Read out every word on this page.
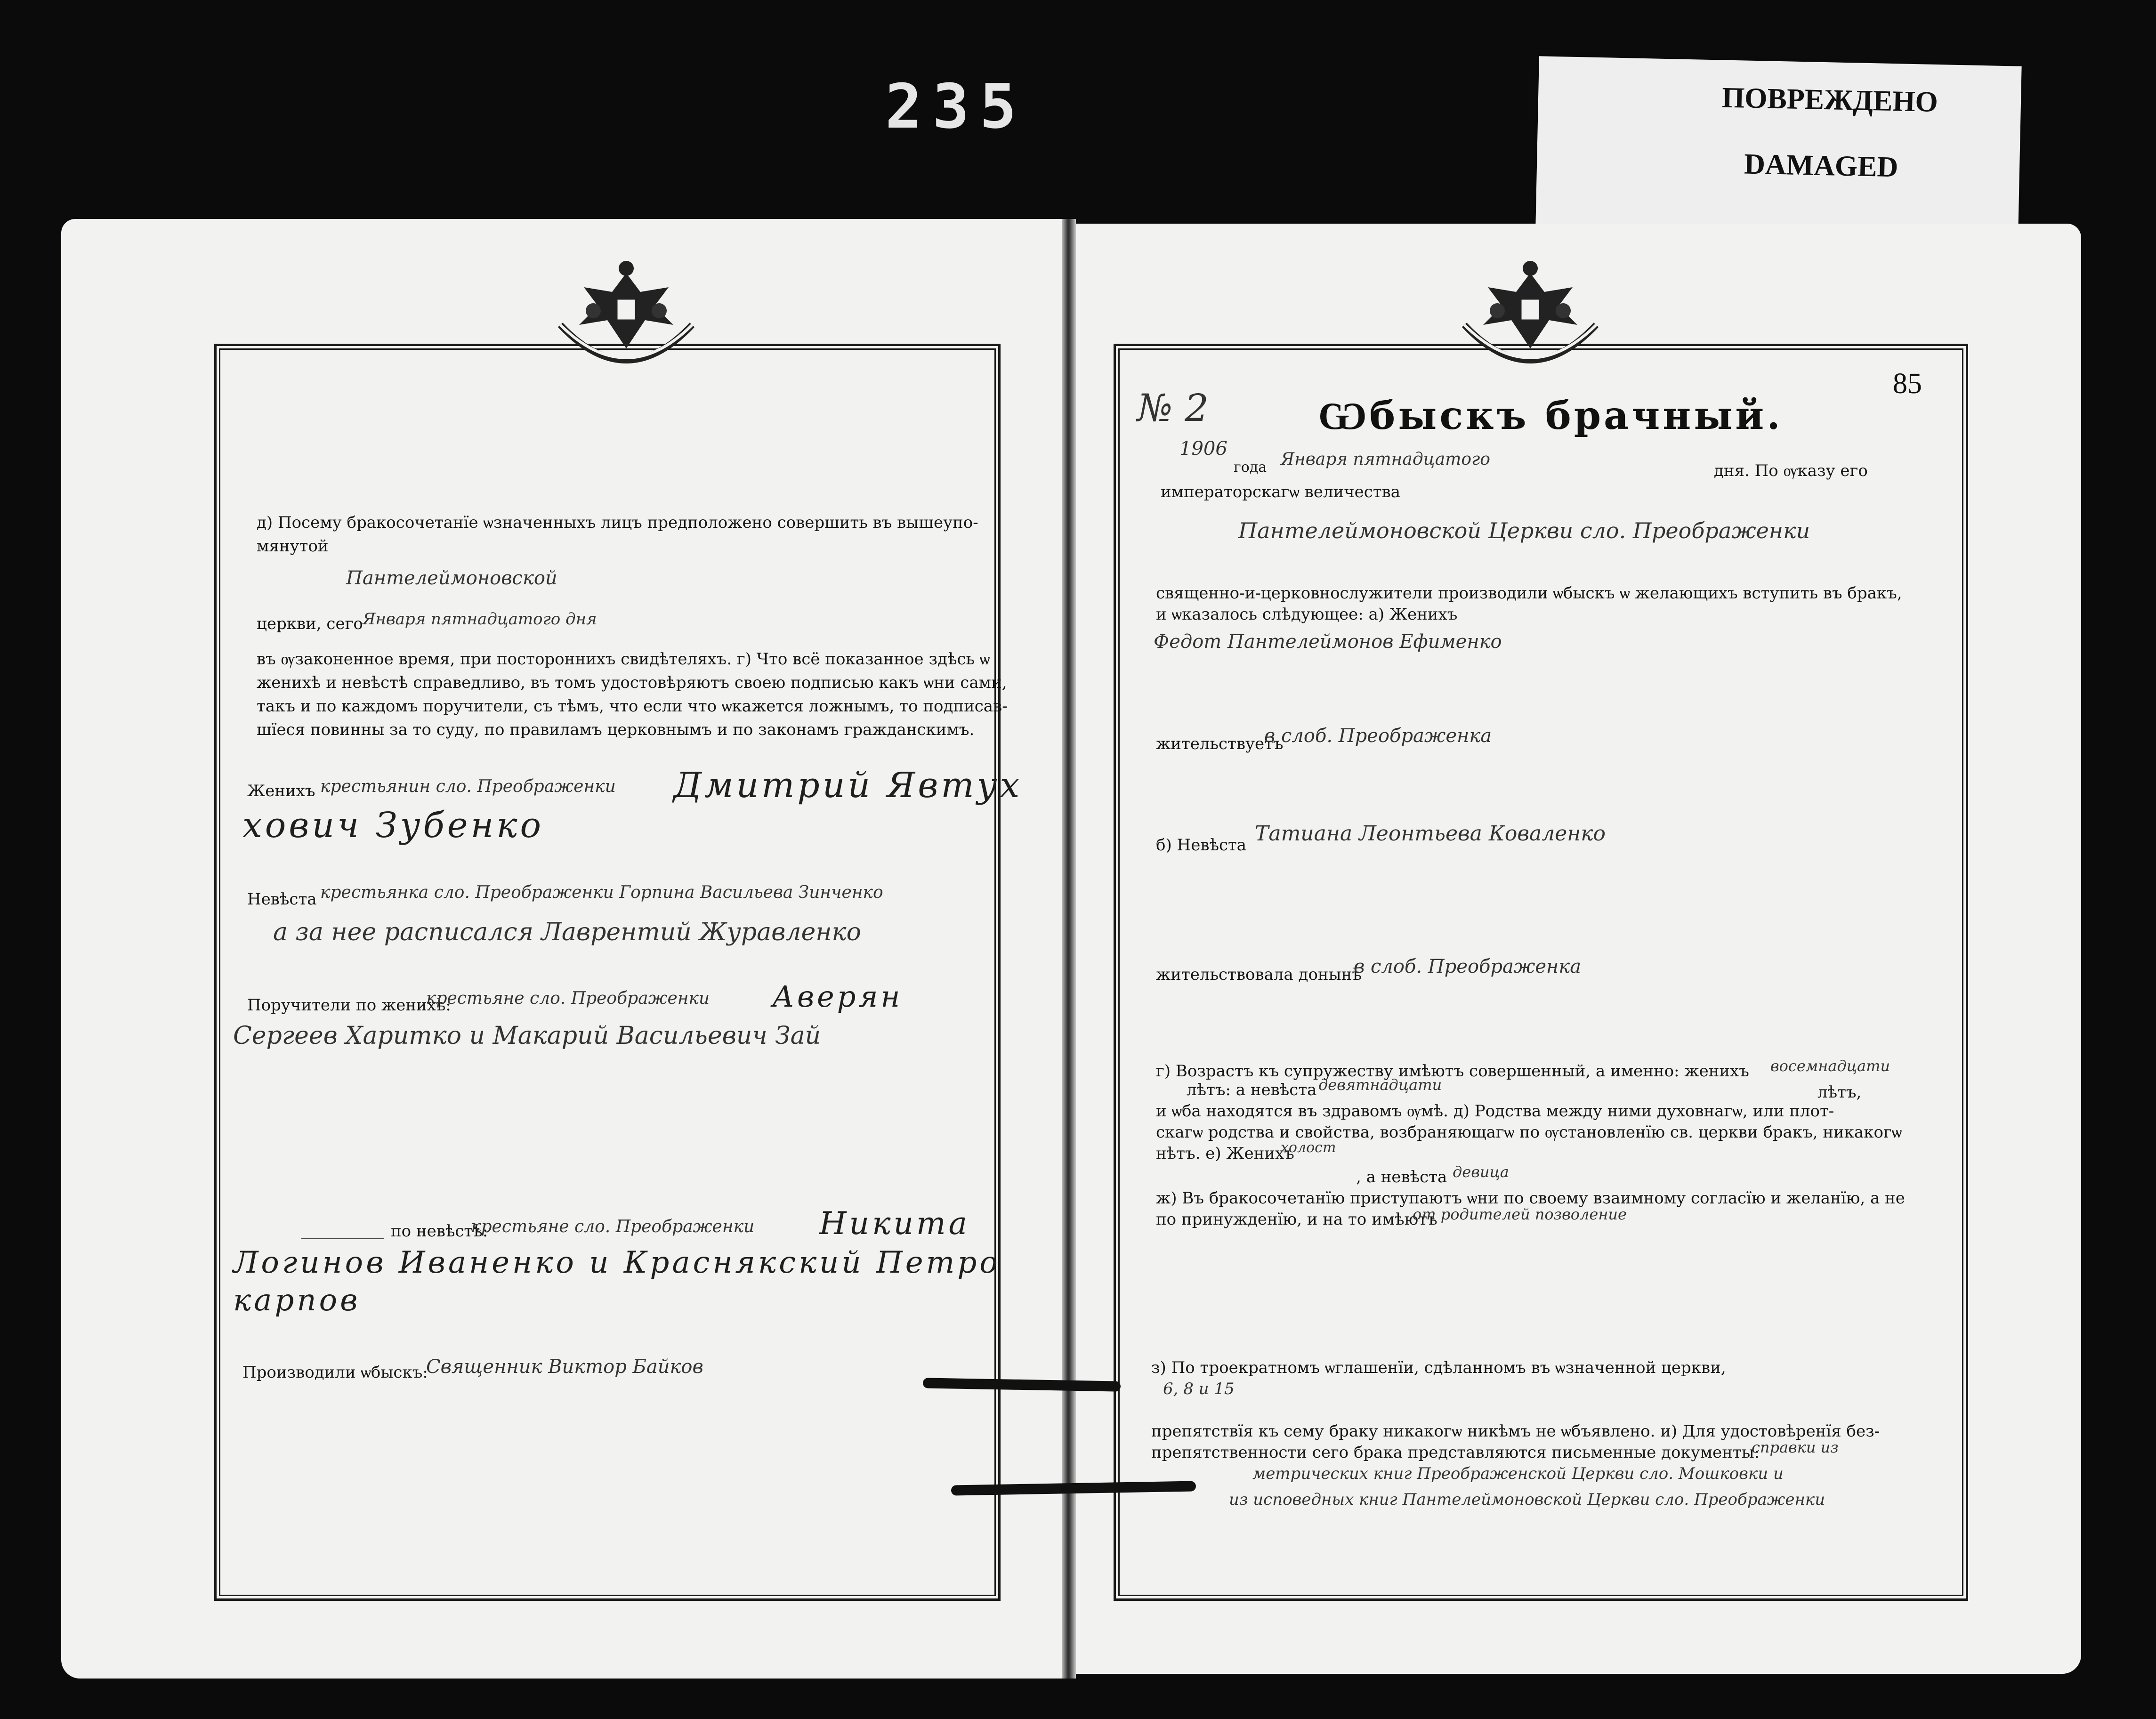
235	ПОВРЕЖДЕНО
DAMAGED
д) Посему бракосочетанїе ѡзначенныхъ лицъ предположено совершить въ вышеупо-
мянутой
Пантелеймоновской
церкви, сего Января пятнадцатого дня
въ ѹзаконенное время, при постороннихъ свидѣтеляхъ. г) Что всё показанное здѣсь ѡ
женихѣ и невѣстѣ справедливо, въ томъ удостовѣряютъ своею подписью какъ ѡни сами,
такъ и по каждомъ поручители, съ тѣмъ, что если что ѡкажется ложнымъ, то подписав-
шїеся повинны за то суду, по правиламъ церковнымъ и по законамъ гражданскимъ.
Женихъ крестьянин сло. Преображенки Дмитрий Явтух
хович Зубенко
Невѣста крестьянка сло. Преображенки Горпина Васильева Зинченко
а за нее расписался Лаврентий Журавленко
Поручители по женихѣ:
крестьяне сло. Преображенки Аверян
Сергеев Харитко и Макарий Васильевич Зай
по невѣстѣ:
крестьяне сло. Преображенки Никита
Логинов Иваненко и Краснякский Петро
карпов
Производили ѡбыскъ:
Священник Виктор Байков
85
№ 2	Ѡбыскъ брачный.
1906
года Января пятнадцатого
дня. По ѹказу его
императорскагѡ величества
Пантелеймоновской Церкви сло. Преображенки
священно-и-церковнослужители производили ѡбыскъ ѡ желающихъ вступить въ бракъ,
и ѡказалось слѣдующее: а) Женихъ
Федот Пантелеймонов Ефименко
жительствуетъ
в слоб. Преображенка
б) Невѣста Татиана Леонтьева Коваленко
жительствовала донынѣ
в слоб. Преображенка
г) Возрастъ къ супружеству имѣютъ совершенный, а именно: женихъ восемнадцати
лѣтъ: а невѣста девятнадцати	лѣтъ,
и ѡба находятся въ здравомъ ѹмѣ. д) Родства между ними духовнагѡ, или плот-
скагѡ родства и свойства, возбраняющагѡ по ѹстановленїю св. церкви бракъ, никакогѡ
нѣтъ. е) Женихъ
холост
, а невѣста девица
ж) Въ бракосочетанїю приступаютъ ѡни по своему взаимному согласїю и желанїю, а не
по принужденїю, и на то имѣютъ
от родителей позволение
з) По троекратномъ ѡглашенїи, сдѣланномъ въ ѡзначенной церкви,
6, 8 и 15
препятствїя къ сему браку никакогѡ никѣмъ не ѡбъявлено. и) Для удостовѣренїя без-
препятственности сего брака представляются письменные документы:
справки из
метрических книг Преображенской Церкви сло. Мошковки и
из исповедных книг Пантелеймоновской Церкви сло. Преображенки
